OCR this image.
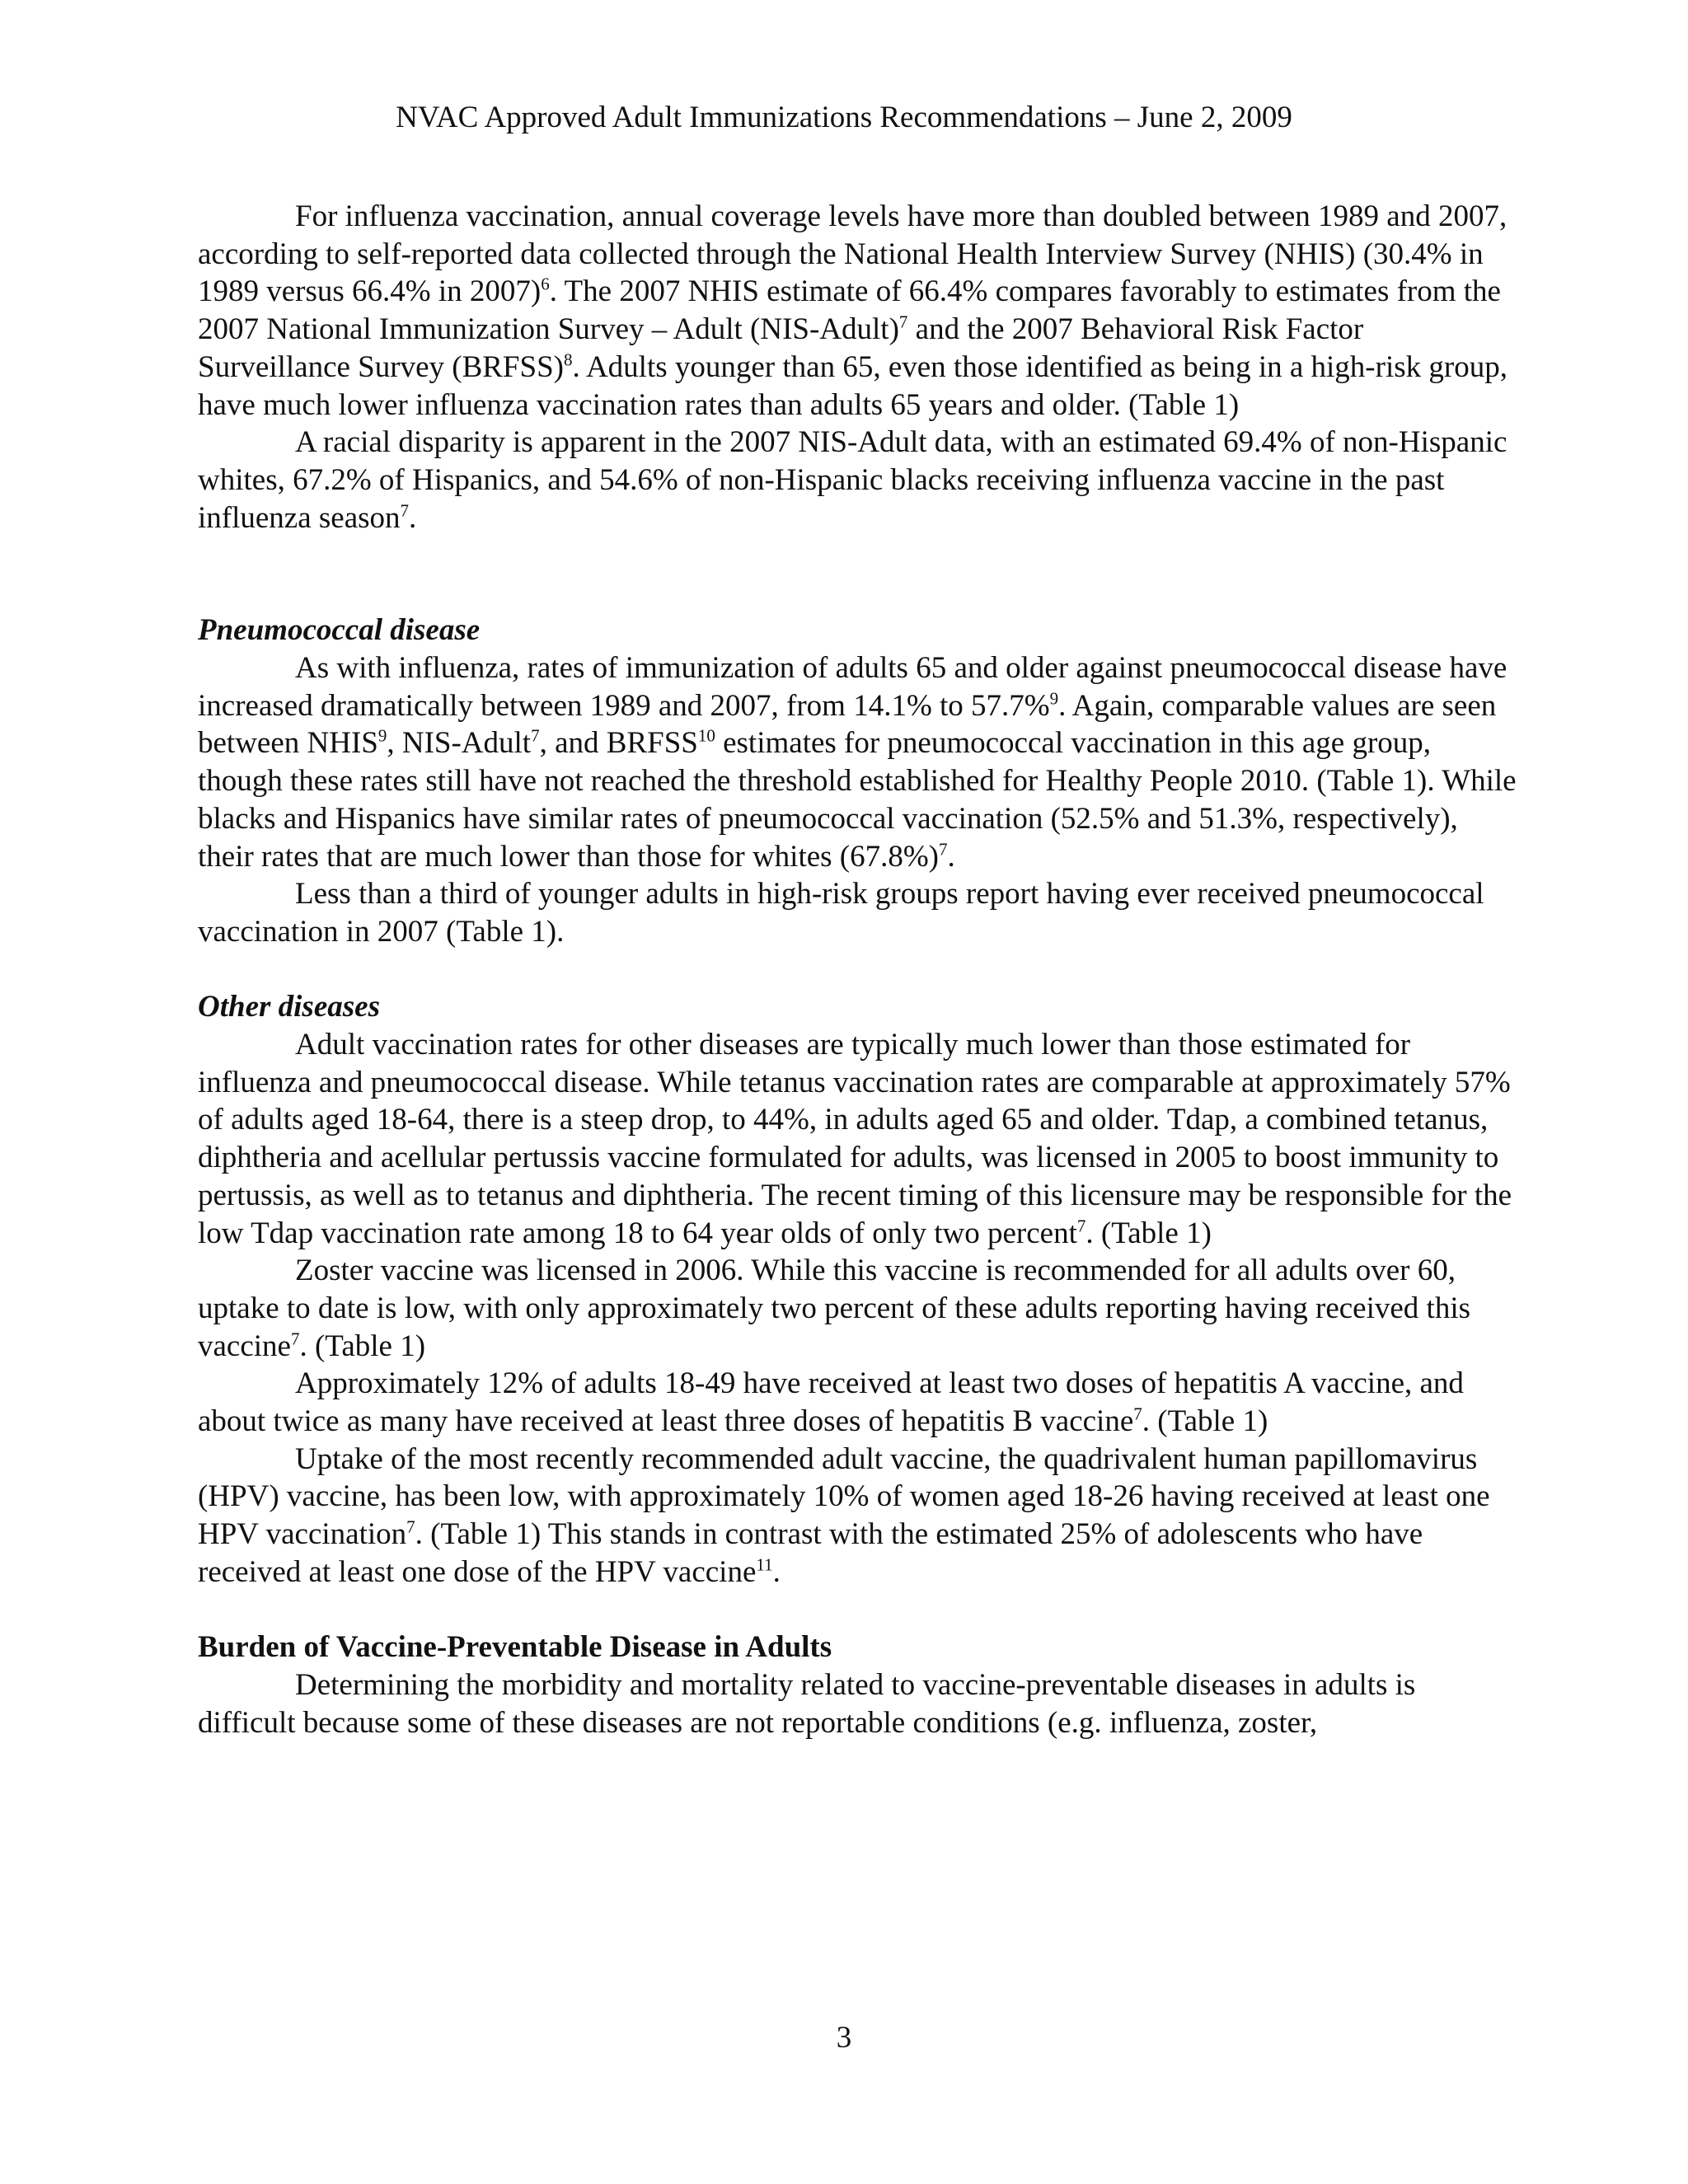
NVAC Approved Adult Immunizations Recommendations – June 2, 2009

For influenza vaccination, annual coverage levels have more than doubled between 1989 and 2007, according to self-reported data collected through the National Health Interview Survey (NHIS) (30.4% in 1989 versus 66.4% in 2007)$^6$. The 2007 NHIS estimate of 66.4% compares favorably to estimates from the 2007 National Immunization Survey – Adult (NIS-Adult)$^7$ and the 2007 Behavioral Risk Factor Surveillance Survey (BRFSS)$^8$. Adults younger than 65, even those identified as being in a high-risk group, have much lower influenza vaccination rates than adults 65 years and older. (Table 1)

A racial disparity is apparent in the 2007 NIS-Adult data, with an estimated 69.4% of non-Hispanic whites, 67.2% of Hispanics, and 54.6% of non-Hispanic blacks receiving influenza vaccine in the past influenza season$^7$.

Pneumococcal disease

As with influenza, rates of immunization of adults 65 and older against pneumococcal disease have increased dramatically between 1989 and 2007, from 14.1% to 57.7%$^9$. Again, comparable values are seen between NHIS$^9$, NIS-Adult$^7$, and BRFSS$^{10}$ estimates for pneumococcal vaccination in this age group, though these rates still have not reached the threshold established for Healthy People 2010. (Table 1). While blacks and Hispanics have similar rates of pneumococcal vaccination (52.5% and 51.3%, respectively), their rates that are much lower than those for whites $(67.8\%)^7$.

Less than a third of younger adults in high-risk groups report having ever received pneumococcal vaccination in 2007 (Table 1).

Other diseases

Adult vaccination rates for other diseases are typically much lower than those estimated for influenza and pneumococcal disease. While tetanus vaccination rates are comparable at approximately 57% of adults aged 18-64, there is a steep drop, to 44%, in adults aged 65 and older. Tdap, a combined tetanus, diphtheria and acellular pertussis vaccine formulated for adults, was licensed in 2005 to boost immunity to pertussis, as well as to tetanus and diphtheria. The recent timing of this licensure may be responsible for the low Tdap vaccination rate among 18 to 64 year olds of only two percent$^7$. (Table 1)

Zoster vaccine was licensed in 2006. While this vaccine is recommended for all adults over 60, uptake to date is low, with only approximately two percent of these adults reporting having received this vaccine$^7$. (Table 1)

Approximately 12% of adults 18-49 have received at least two doses of hepatitis A vaccine, and about twice as many have received at least three doses of hepatitis B vaccine$^7$. (Table 1)

Uptake of the most recently recommended adult vaccine, the quadrivalent human papillomavirus (HPV) vaccine, has been low, with approximately 10% of women aged 18-26 having received at least one HPV vaccination$^7$. (Table 1) This stands in contrast with the estimated 25% of adolescents who have received at least one dose of the HPV vaccine$^{11}$.

Burden of Vaccine-Preventable Disease in Adults

Determining the morbidity and mortality related to vaccine-preventable diseases in adults is difficult because some of these diseases are not reportable conditions (e.g. influenza, zoster,

3
